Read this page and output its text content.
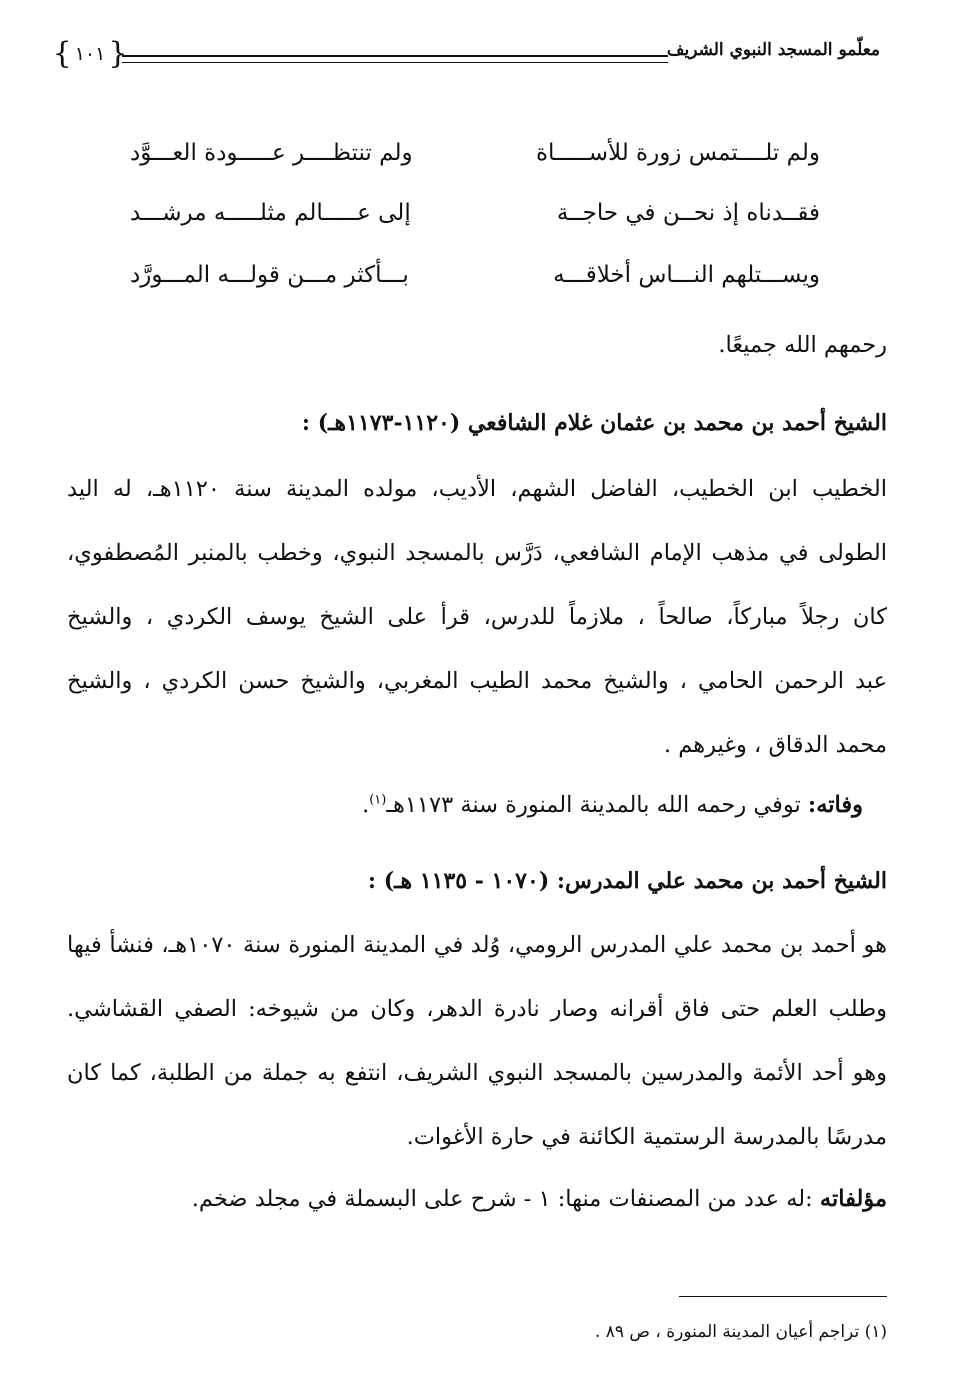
معلّمو المسجد النبوي الشريف
{
١٠١
}
ولم تلــــتمس زورة للأســـــاة
ولم تنتظــــر عـــــودة العـــوَّد
فقــدناه إذ نحــن في حاجــة
إلى عـــــالم مثلـــــه مرشـــد
ويســـتلهم النـــاس أخلاقـــه
بـــأكثر مـــن قولـــه المـــورَّد
رحمهم الله جميعًا.
الشيخ أحمد بن محمد بن عثمان غلام الشافعي (١١٢٠-١١٧٣هـ) :
الخطيب ابن الخطيب، الفاضل الشهم، الأديب، مولده المدينة سنة ١١٢٠هـ، له اليد
الطولى في مذهب الإمام الشافعي، دَرَّس بالمسجد النبوي، وخطب بالمنبر المُصطفوي،
كان رجلاً مباركاً، صالحاً ، ملازماً للدرس، قرأ على الشيخ يوسف الكردي ، والشيخ
عبد الرحمن الحامي ، والشيخ محمد الطيب المغربي، والشيخ حسن الكردي ، والشيخ
محمد الدقاق ، وغيرهم .
وفاته: توفي رحمه الله بالمدينة المنورة سنة ١١٧٣هـ$^{(١)}$.
الشيخ أحمد بن محمد علي المدرس: (١٠٧٠ - ١١٣٥ هـ) :
هو أحمد بن محمد علي المدرس الرومي، وُلد في المدينة المنورة سنة ١٠٧٠هـ، فنشأ فيها
وطلب العلم حتى فاق أقرانه وصار نادرة الدهر، وكان من شيوخه: الصفي القشاشي.
وهو أحد الأئمة والمدرسين بالمسجد النبوي الشريف، انتفع به جملة من الطلبة، كما كان
مدرسًا بالمدرسة الرستمية الكائنة في حارة الأغوات.
مؤلفاته :له عدد من المصنفات منها: ١ - شرح على البسملة في مجلد ضخم.
(١) تراجم أعيان المدينة المنورة ، ص ٨٩ .
